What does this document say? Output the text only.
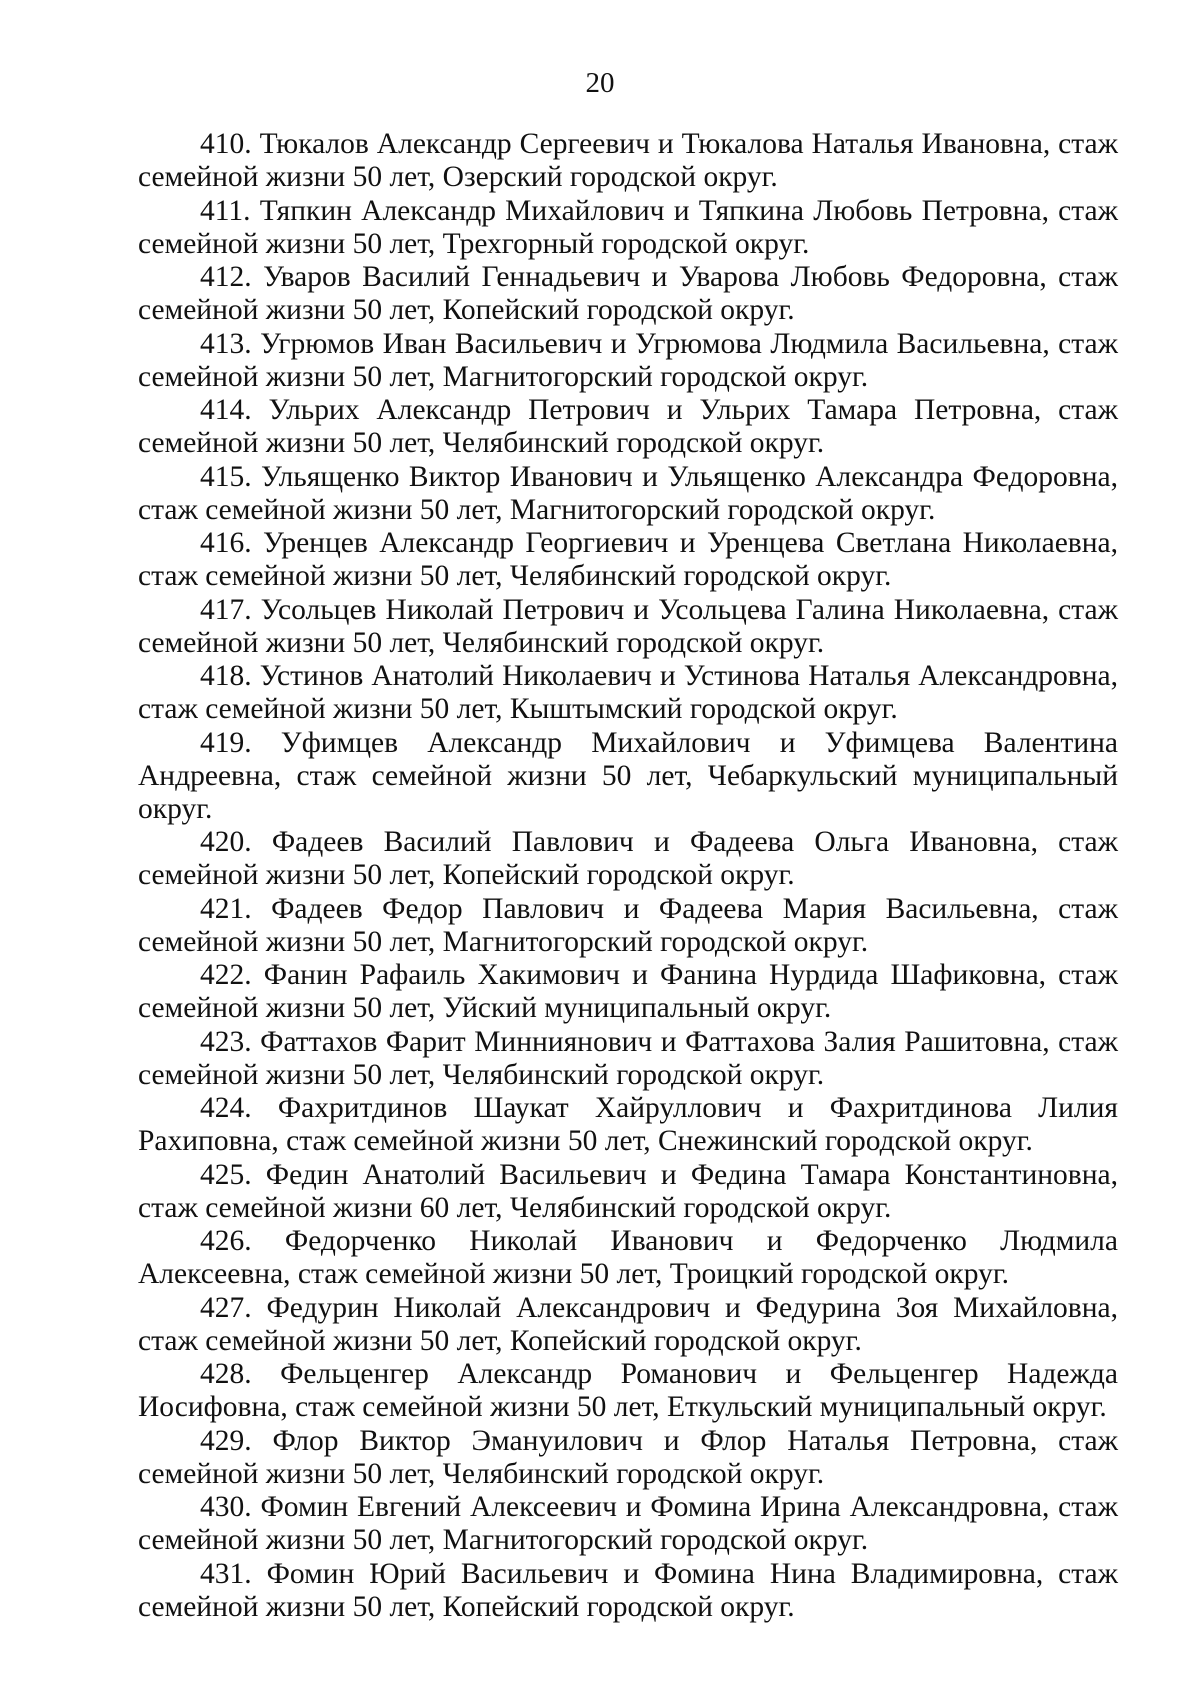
20

410. Тюкалов Александр Сергеевич и Тюкалова Наталья Ивановна, стаж семейной жизни 50 лет, Озерский городской округ.

411. Тяпкин Александр Михайлович и Тяпкина Любовь Петровна, стаж семейной жизни 50 лет, Трехгорный городской округ.

412. Уваров Василий Геннадьевич и Уварова Любовь Федоровна, стаж семейной жизни 50 лет, Копейский городской округ.

413. Угрюмов Иван Васильевич и Угрюмова Людмила Васильевна, стаж семейной жизни 50 лет, Магнитогорский городской округ.

414. Ульрих Александр Петрович и Ульрих Тамара Петровна, стаж семейной жизни 50 лет, Челябинский городской округ.

415. Ульященко Виктор Иванович и Ульященко Александра Федоровна, стаж семейной жизни 50 лет, Магнитогорский городской округ.

416. Уренцев Александр Георгиевич и Уренцева Светлана Николаевна, стаж семейной жизни 50 лет, Челябинский городской округ.

417. Усольцев Николай Петрович и Усольцева Галина Николаевна, стаж семейной жизни 50 лет, Челябинский городской округ.

418. Устинов Анатолий Николаевич и Устинова Наталья Александровна, стаж семейной жизни 50 лет, Кыштымский городской округ.

419. Уфимцев Александр Михайлович и Уфимцева Валентина Андреевна, стаж семейной жизни 50 лет, Чебаркульский муниципальный округ.

420. Фадеев Василий Павлович и Фадеева Ольга Ивановна, стаж семейной жизни 50 лет, Копейский городской округ.

421. Фадеев Федор Павлович и Фадеева Мария Васильевна, стаж семейной жизни 50 лет, Магнитогорский городской округ.

422. Фанин Рафаиль Хакимович и Фанина Нурдида Шафиковна, стаж семейной жизни 50 лет, Уйский муниципальный округ.

423. Фаттахов Фарит Минниянович и Фаттахова Залия Рашитовна, стаж семейной жизни 50 лет, Челябинский городской округ.

424. Фахритдинов Шаукат Хайруллович и Фахритдинова Лилия Рахиповна, стаж семейной жизни 50 лет, Снежинский городской округ.

425. Федин Анатолий Васильевич и Федина Тамара Константиновна, стаж семейной жизни 60 лет, Челябинский городской округ.

426. Федорченко Николай Иванович и Федорченко Людмила Алексеевна, стаж семейной жизни 50 лет, Троицкий городской округ.

427. Федурин Николай Александрович и Федурина Зоя Михайловна, стаж семейной жизни 50 лет, Копейский городской округ.

428. Фельценгер Александр Романович и Фельценгер Надежда Иосифовна, стаж семейной жизни 50 лет, Еткульский муниципальный округ.

429. Флор Виктор Эмануилович и Флор Наталья Петровна, стаж семейной жизни 50 лет, Челябинский городской округ.

430. Фомин Евгений Алексеевич и Фомина Ирина Александровна, стаж семейной жизни 50 лет, Магнитогорский городской округ.

431. Фомин Юрий Васильевич и Фомина Нина Владимировна, стаж семейной жизни 50 лет, Копейский городской округ.
